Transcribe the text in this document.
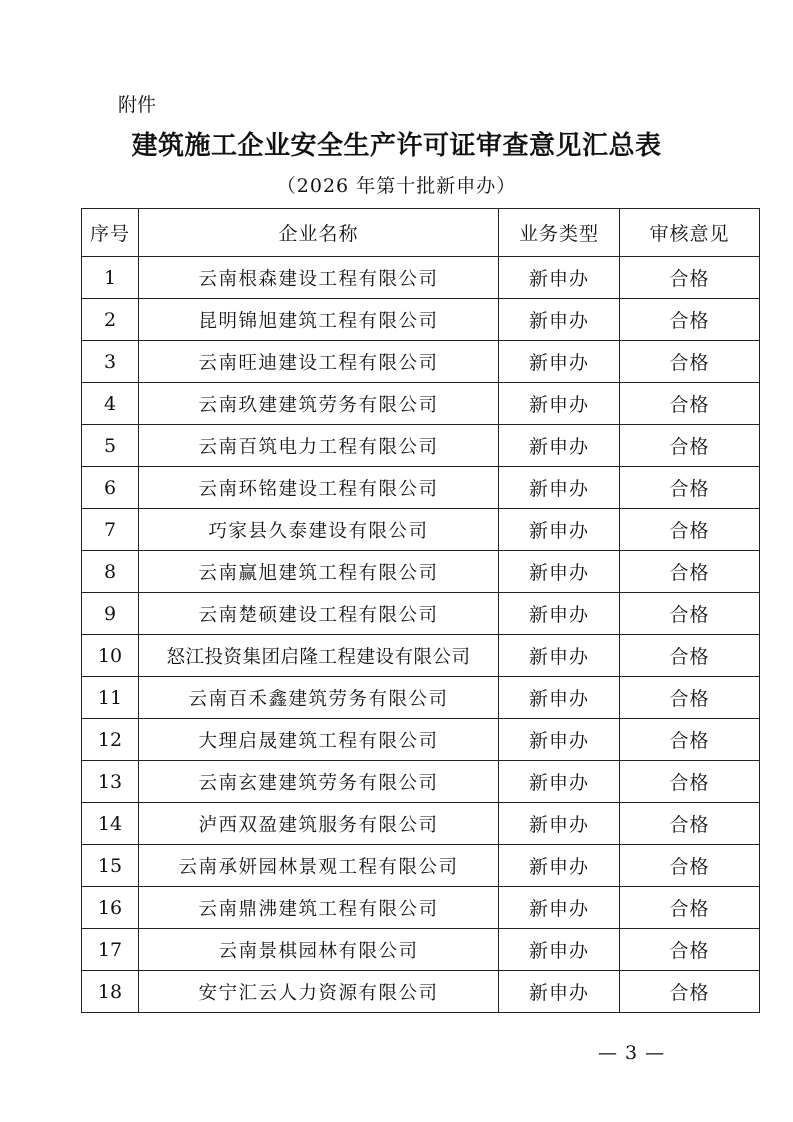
附件
建筑施工企业安全生产许可证审查意见汇总表
（2026 年第十批新申办）
序号	企业名称	业务类型	审核意见
1	云南根森建设工程有限公司	新申办	合格
2	昆明锦旭建筑工程有限公司	新申办	合格
3	云南旺迪建设工程有限公司	新申办	合格
4	云南玖建建筑劳务有限公司	新申办	合格
5	云南百筑电力工程有限公司	新申办	合格
6	云南环铭建设工程有限公司	新申办	合格
7	巧家县久泰建设有限公司	新申办	合格
8	云南赢旭建筑工程有限公司	新申办	合格
9	云南楚硕建设工程有限公司	新申办	合格
10	怒江投资集团启隆工程建设有限公司	新申办	合格
11	云南百禾鑫建筑劳务有限公司	新申办	合格
12	大理启晟建筑工程有限公司	新申办	合格
13	云南玄建建筑劳务有限公司	新申办	合格
14	泸西双盈建筑服务有限公司	新申办	合格
15	云南承妍园林景观工程有限公司	新申办	合格
16	云南鼎沸建筑工程有限公司	新申办	合格
17	云南景棋园林有限公司	新申办	合格
18	安宁汇云人力资源有限公司	新申办	合格
— 3 —
